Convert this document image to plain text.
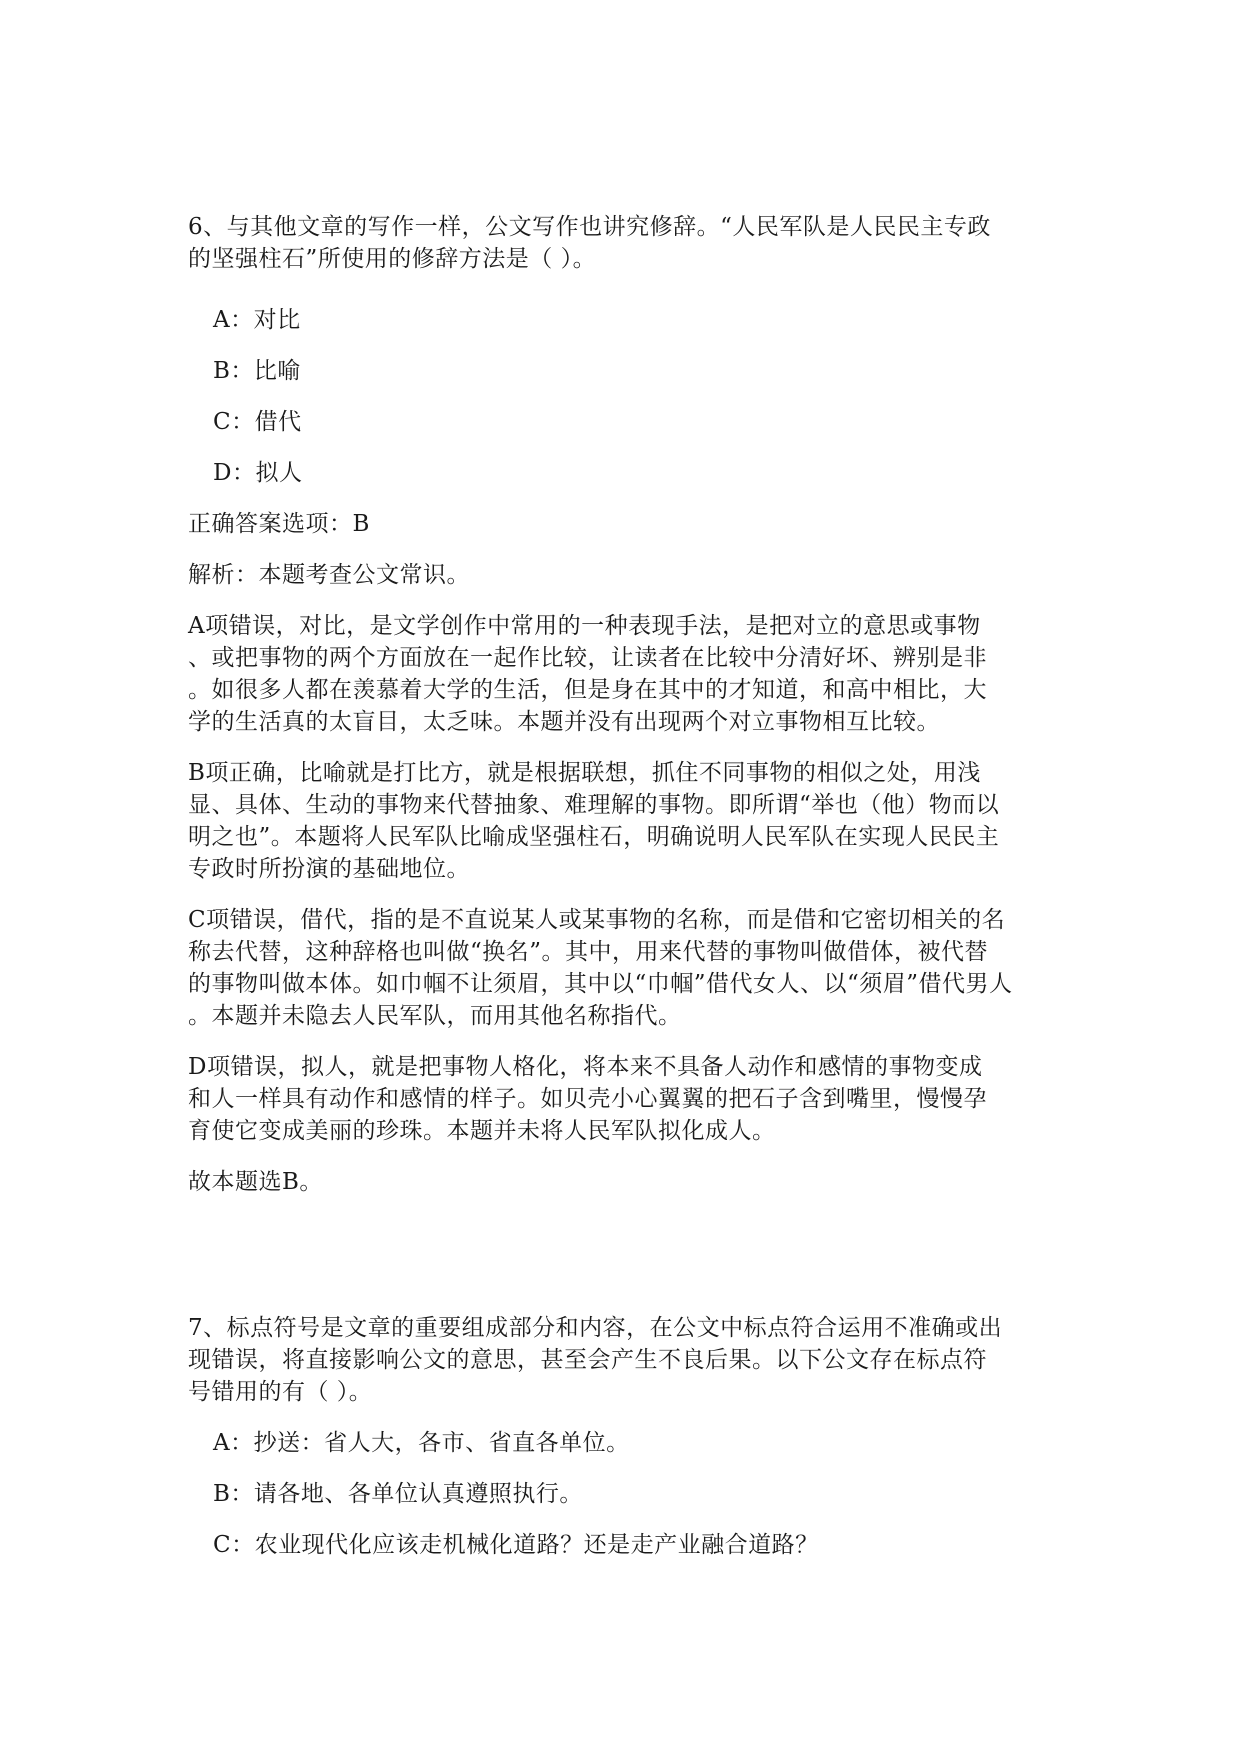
6、与其他文章的写作一样，公文写作也讲究修辞。“人民军队是人民民主专政
的坚强柱石”所使用的修辞方法是（ ）。

A：对比

B：比喻

C：借代

D：拟人

正确答案选项：B

解析：本题考查公文常识。

A项错误，对比，是文学创作中常用的一种表现手法，是把对立的意思或事物
、或把事物的两个方面放在一起作比较，让读者在比较中分清好坏、辨别是非
。如很多人都在羡慕着大学的生活，但是身在其中的才知道，和高中相比，大
学的生活真的太盲目，太乏味。本题并没有出现两个对立事物相互比较。

B项正确，比喻就是打比方，就是根据联想，抓住不同事物的相似之处，用浅
显、具体、生动的事物来代替抽象、难理解的事物。即所谓“举也（他）物而以
明之也”。本题将人民军队比喻成坚强柱石，明确说明人民军队在实现人民民主
专政时所扮演的基础地位。

C项错误，借代，指的是不直说某人或某事物的名称，而是借和它密切相关的名
称去代替，这种辞格也叫做“换名”。其中，用来代替的事物叫做借体，被代替
的事物叫做本体。如巾帼不让须眉，其中以“巾帼”借代女人、以“须眉”借代男人
。本题并未隐去人民军队，而用其他名称指代。

D项错误，拟人，就是把事物人格化，将本来不具备人动作和感情的事物变成
和人一样具有动作和感情的样子。如贝壳小心翼翼的把石子含到嘴里，慢慢孕
育使它变成美丽的珍珠。本题并未将人民军队拟化成人。

故本题选B。

7、标点符号是文章的重要组成部分和内容，在公文中标点符合运用不准确或出
现错误，将直接影响公文的意思，甚至会产生不良后果。以下公文存在标点符
号错用的有（ ）。

A：抄送：省人大，各市、省直各单位。

B：请各地、各单位认真遵照执行。

C：农业现代化应该走机械化道路？还是走产业融合道路？
